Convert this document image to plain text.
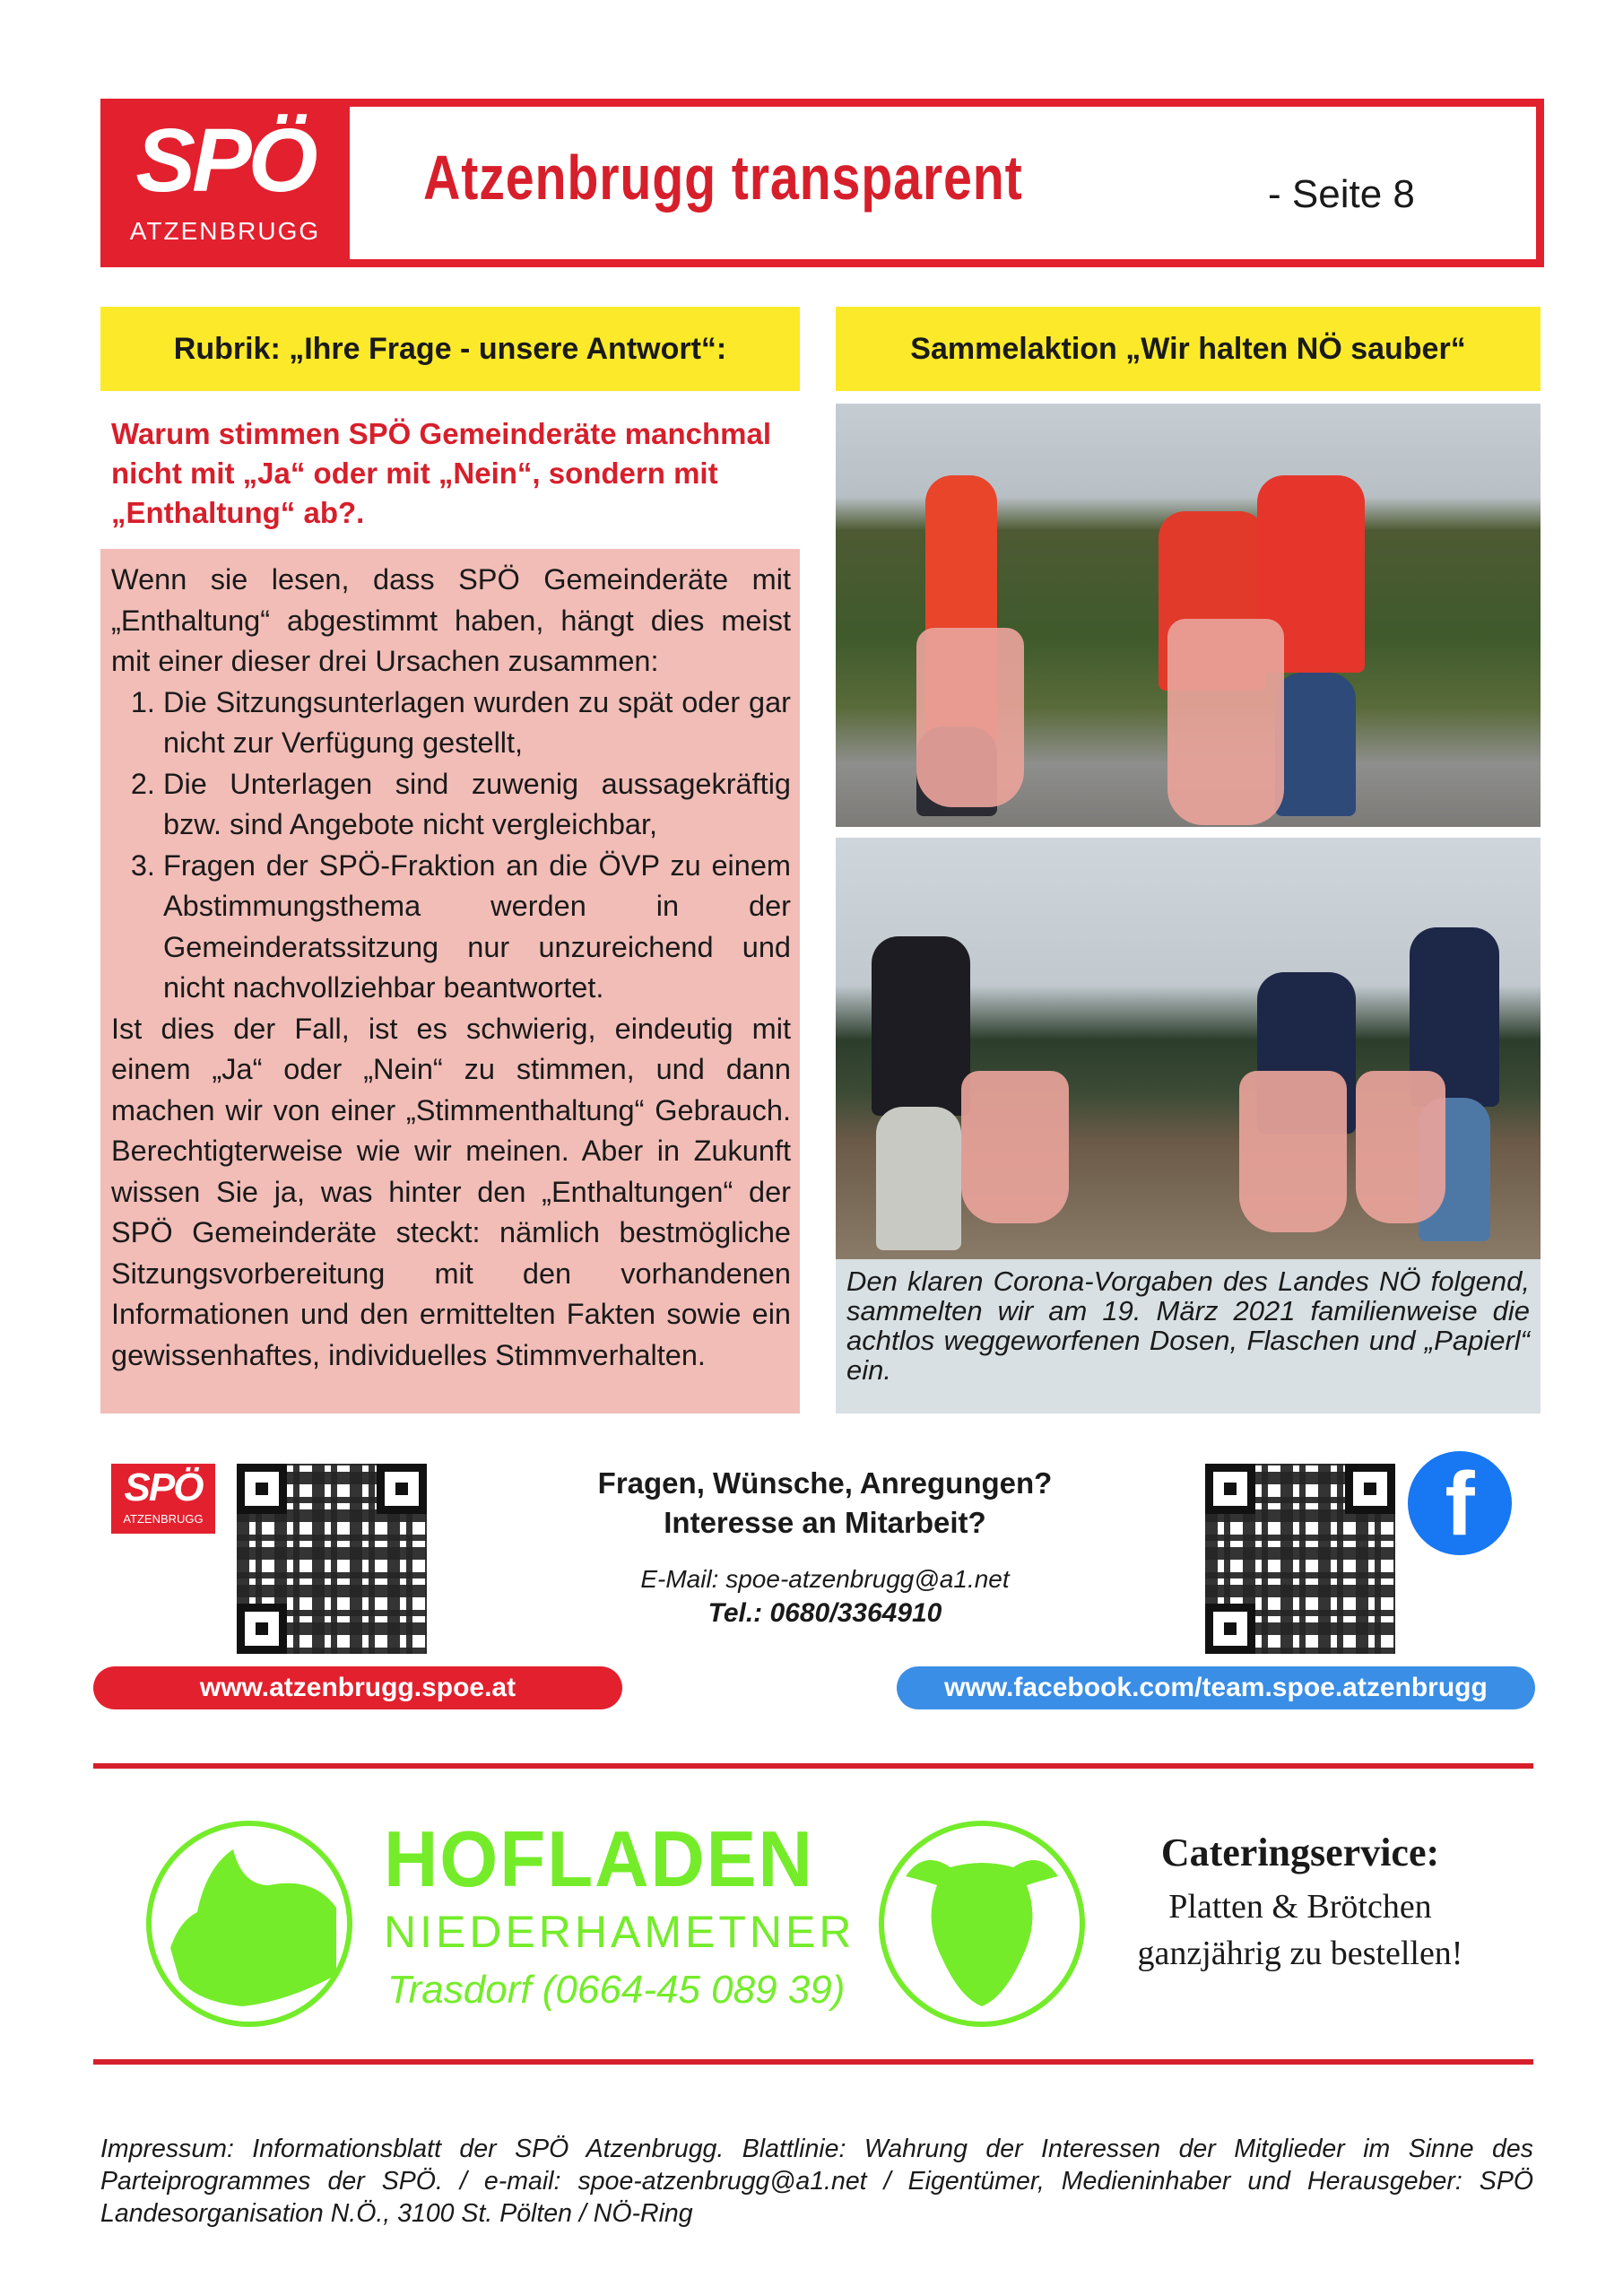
SPÖ
ATZENBRUGG
Atzenbrugg transparent	- Seite 8
Rubrik: „Ihre Frage - unsere Antwort“:	Sammelaktion „Wir halten NÖ sauber“
Warum stimmen SPÖ Gemeinderäte manchmal nicht mit „Ja“ oder mit „Nein“, sondern mit „Enthaltung“ ab?.

Wenn sie lesen, dass SPÖ Gemeinderäte mit „Enthaltung“ abgestimmt haben, hängt dies meist mit einer dieser drei Ursachen zusammen:

1. Die Sitzungsunterlagen wurden zu spät oder gar nicht zur Verfügung gestellt,
2. Die Unterlagen sind zuwenig aussagekräftig bzw. sind Angebote nicht vergleichbar,
3. Fragen der SPÖ-Fraktion an die ÖVP zu einem Abstimmungsthema werden in der Gemeinderatssitzung nur unzureichend und nicht nachvollziehbar beantwortet.

Ist dies der Fall, ist es schwierig, eindeutig mit einem „Ja“ oder „Nein“ zu stimmen, und dann machen wir von einer „Stimmenthaltung“ Gebrauch. Berechtigterweise wie wir meinen. Aber in Zukunft wissen Sie ja, was hinter den „Enthaltungen“ der SPÖ Gemeinderäte steckt: nämlich bestmögliche Sitzungsvorbereitung mit den vorhandenen Informationen und den ermittelten Fakten sowie ein gewissenhaftes, individuelles Stimmverhalten.

Den klaren Corona-Vorgaben des Landes NÖ folgend, sammelten wir am 19. März 2021 familienweise die achtlos weggeworfenen Dosen, Flaschen und „Papierl“ ein.
SPÖ
ATZENBRUGG
Fragen, Wünsche, Anregungen? Interesse an Mitarbeit?
E-Mail: spoe-atzenbrugg@a1.net
Tel.: 0680/3364910
f
www.atzenbrugg.spoe.at	www.facebook.com/team.spoe.atzenbrugg
HOFLADEN
NIEDERHAMETNER
Trasdorf (0664-45 089 39)
Cateringservice:
Platten & Brötchen
ganzjährig zu bestellen!
Impressum: Informationsblatt der SPÖ Atzenbrugg. Blattlinie: Wahrung der Interessen der Mitglieder im Sinne des Parteiprogrammes der SPÖ. / e-mail: spoe-atzenbrugg@a1.net / Eigentümer, Medieninhaber und Herausgeber: SPÖ Landesorganisation N.Ö., 3100 St. Pölten / NÖ-Ring
